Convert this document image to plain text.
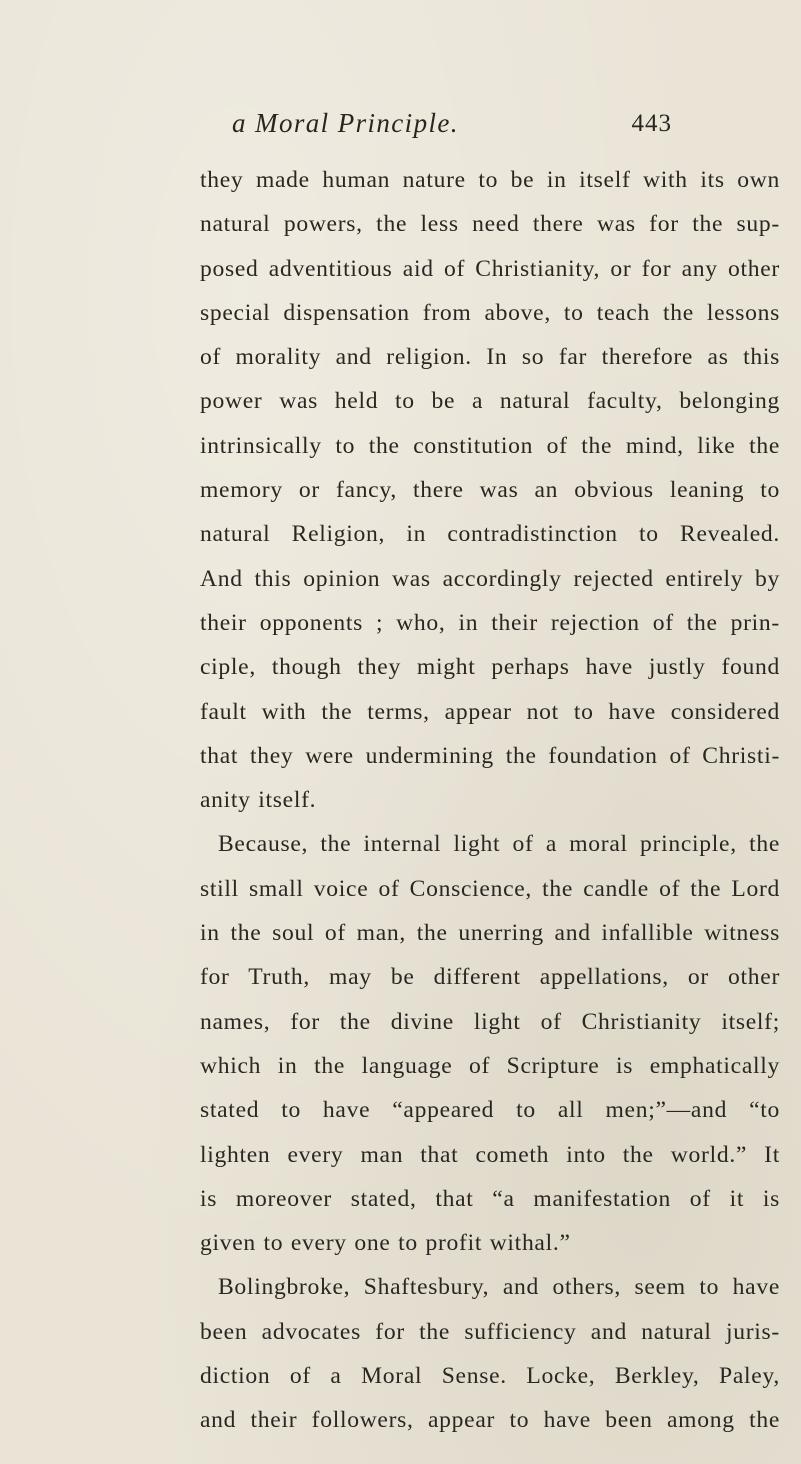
a Moral Principle.	443
they made human nature to be in itself with its own
natural powers, the less need there was for the sup-
posed adventitious aid of Christianity, or for any other
special dispensation from above, to teach the lessons
of morality and religion. In so far therefore as this
power was held to be a natural faculty, belonging
intrinsically to the constitution of the mind, like the
memory or fancy, there was an obvious leaning to
natural Religion, in contradistinction to Revealed.
And this opinion was accordingly rejected entirely by
their opponents ; who, in their rejection of the prin-
ciple, though they might perhaps have justly found
fault with the terms, appear not to have considered
that they were undermining the foundation of Christi-
anity itself.
Because, the internal light of a moral principle, the
still small voice of Conscience, the candle of the Lord
in the soul of man, the unerring and infallible witness
for Truth, may be different appellations, or other
names, for the divine light of Christianity itself;
which in the language of Scripture is emphatically
stated to have “appeared to all men;”—and “to
lighten every man that cometh into the world.” It
is moreover stated, that “a manifestation of it is
given to every one to profit withal.”
Bolingbroke, Shaftesbury, and others, seem to have
been advocates for the sufficiency and natural juris-
diction of a Moral Sense. Locke, Berkley, Paley,
and their followers, appear to have been among the
